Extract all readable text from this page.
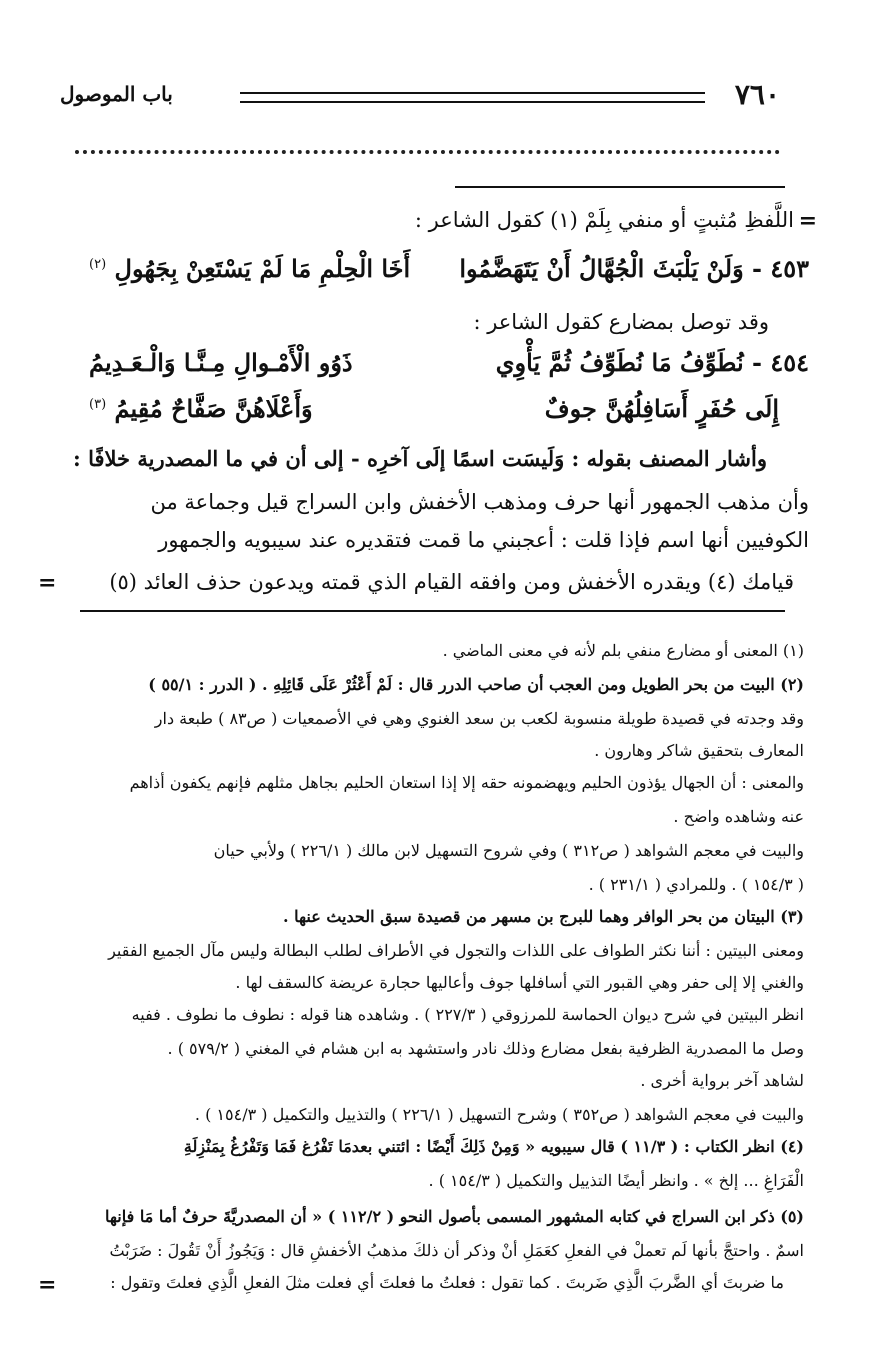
٧٦٠
باب الموصول
=
اللَّفظِ مُثبتٍ أو منفي بِلَمْ (١) كقول الشاعر :
٤٥٣ - وَلَنْ يَلْبَثَ الْجُهَّالُ أَنْ يَتَهَضَّمُوا
أَخَا الْحِلْمِ مَا لَمْ يَسْتَعِنْ بِجَهُولِ $^{(٢)}$
وقد توصل بمضارع كقول الشاعر :
٤٥٤ - نُطَوِّفُ مَا نُطَوِّفُ ثُمَّ يَأْوِي
ذَوُو الْأَمْـوالِ مِـنَّـا وَالْـعَـدِيمُ
إِلَى حُفَرٍ أَسَافِلُهُنَّ جوفٌ
وَأَعْلَاهُنَّ صَفَّاحٌ مُقِيمُ $^{(٣)}$
وأشار المصنف بقوله : وَلَيسَت اسمًا إلَى آخرِه - إلى أن في ما المصدرية خلافًا :
وأن مذهب الجمهور أنها حرف ومذهب الأخفش وابن السراج قيل وجماعة من
الكوفيين أنها اسم فإذا قلت : أعجبني ما قمت فتقديره عند سيبويه والجمهور
قيامك (٤) ويقدره الأخفش ومن وافقه القيام الذي قمته ويدعون حذف العائد (٥)
=
(١) المعنى أو مضارع منفي بلم لأنه في معنى الماضي .
(٢) البيت من بحر الطويل ومن العجب أن صاحب الدرر قال : لَمْ أَعْثُرْ عَلَى قَائِلِهِ . ( الدرر : ٥٥/١ )
وقد وجدته في قصيدة طويلة منسوبة لكعب بن سعد الغنوي وهي في الأصمعيات ( ص٨٣ ) طبعة دار
المعارف بتحقيق شاكر وهارون .
والمعنى : أن الجهال يؤذون الحليم ويهضمونه حقه إلا إذا استعان الحليم بجاهل مثلهم فإنهم يكفون أذاهم
عنه وشاهده واضح .
والبيت في معجم الشواهد ( ص٣١٢ ) وفي شروح التسهيل لابن مالك ( ٢٢٦/١ ) ولأبي حيان
( ١٥٤/٣ ) . وللمرادي ( ٢٣١/١ ) .
(٣) البيتان من بحر الوافر وهما للبرج بن مسهر من قصيدة سبق الحديث عنها .
ومعنى البيتين : أننا نكثر الطواف على اللذات والتجول في الأطراف لطلب البطالة وليس مآل الجميع الفقير
والغني إلا إلى حفر وهي القبور التي أسافلها جوف وأعاليها حجارة عريضة كالسقف لها .
انظر البيتين في شرح ديوان الحماسة للمرزوقي ( ٢٢٧/٣ ) . وشاهده هنا قوله : نطوف ما نطوف . ففيه
وصل ما المصدرية الظرفية بفعل مضارع وذلك نادر واستشهد به ابن هشام في المغني ( ٥٧٩/٢ ) .
لشاهد آخر برواية أخرى .
والبيت في معجم الشواهد ( ص٣٥٢ ) وشرح التسهيل ( ٢٢٦/١ ) والتذييل والتكميل ( ١٥٤/٣ ) .
(٤) انظر الكتاب : ( ١١/٣ ) قال سيبويه « وَمِنْ ذَلِكَ أَيْضًا : ائتني بعدمَا تَفْرُغ فَمَا وَتَفْرُغُ بِمَنْزِلَةِ
الْفَرَاغِ ... إلخ » . وانظر أيضًا التذييل والتكميل ( ١٥٤/٣ ) .
(٥) ذكر ابن السراج في كتابه المشهور المسمى بأصول النحو ( ١١٢/٢ ) « أن المصدريَّةَ حرفٌ أما مَا فإنها
اسمٌ . واحتجَّ بأنها لَم تعملْ في الفعلِ كعَمَلِ أنْ وذكر أن ذلكَ مذهبُ الأخفشِ قال : وَيَجُوزُ أَنْ تَقُولَ : ضَرَبْتُ
ما ضربتَ أي الضَّربَ الَّذِي ضَربتَ . كما تقول : فعلتُ ما فعلتَ أي فعلت مثلَ الفعلِ الَّذِي فعلتَ وتقول :
=
